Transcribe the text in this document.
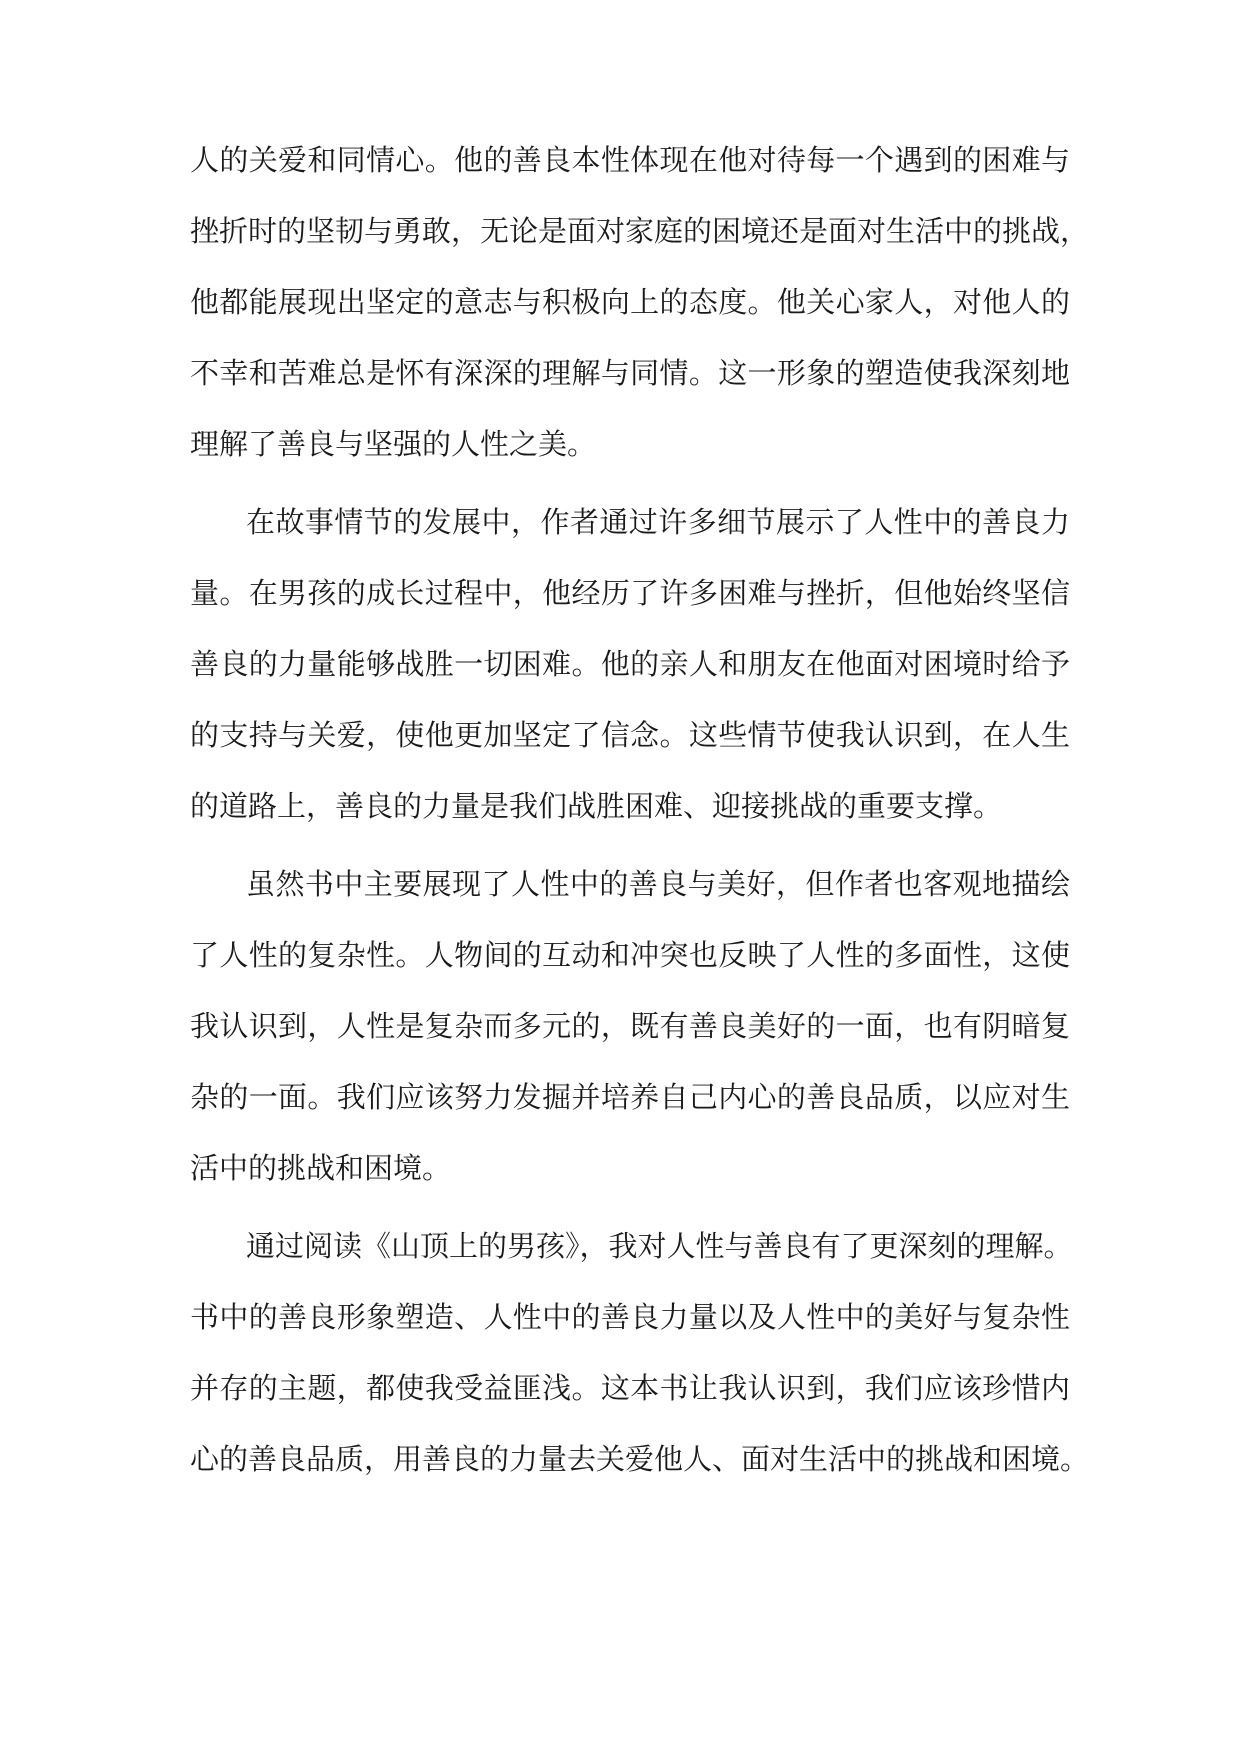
人的关爱和同情心。他的善良本性体现在他对待每一个遇到的困难与
挫折时的坚韧与勇敢，无论是面对家庭的困境还是面对生活中的挑战，
他都能展现出坚定的意志与积极向上的态度。他关心家人，对他人的
不幸和苦难总是怀有深深的理解与同情。这一形象的塑造使我深刻地
理解了善良与坚强的人性之美。
在故事情节的发展中，作者通过许多细节展示了人性中的善良力
量。在男孩的成长过程中，他经历了许多困难与挫折，但他始终坚信
善良的力量能够战胜一切困难。他的亲人和朋友在他面对困境时给予
的支持与关爱，使他更加坚定了信念。这些情节使我认识到，在人生
的道路上，善良的力量是我们战胜困难、迎接挑战的重要支撑。
虽然书中主要展现了人性中的善良与美好，但作者也客观地描绘
了人性的复杂性。人物间的互动和冲突也反映了人性的多面性，这使
我认识到，人性是复杂而多元的，既有善良美好的一面，也有阴暗复
杂的一面。我们应该努力发掘并培养自己内心的善良品质，以应对生
活中的挑战和困境。
通过阅读《山顶上的男孩》，我对人性与善良有了更深刻的理解。
书中的善良形象塑造、人性中的善良力量以及人性中的美好与复杂性
并存的主题，都使我受益匪浅。这本书让我认识到，我们应该珍惜内
心的善良品质，用善良的力量去关爱他人、面对生活中的挑战和困境。
